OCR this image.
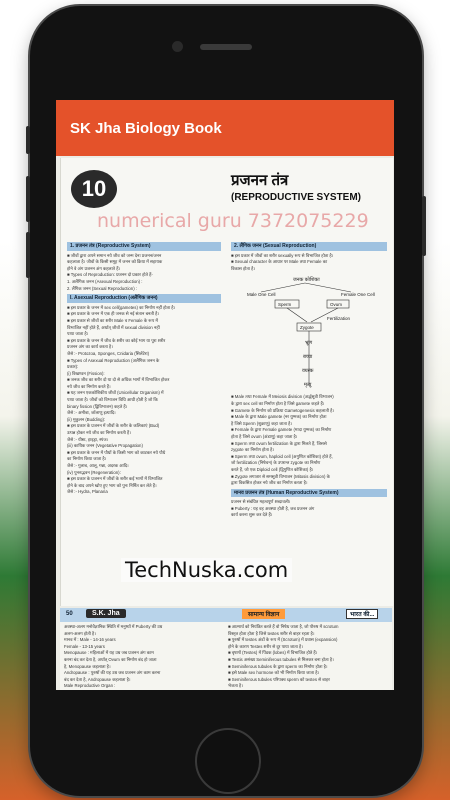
SK Jha Biology Book
10	प्रजनन तंत्र
(REPRODUCTIVE SYSTEM)
1. प्रजनन तंत्र (Reproductive System)
■ जीवों द्वारा अपने समान नये जीव को जन्म देना प्रजनन/जनन
कहलाता है। जीवों के किसी समूह में जनन को क्रिया में सहायक
होने वे अंग प्रजनन अंग कहलाते हैं।
■ Types of Reproduction: प्रजनन दो प्रकार होते हैं-
1. अलैंगिक जनन (Asexual Reproduction) :
2. लैंगिक जनन (Sexual Reproduction) :
I. Asexual Reproduction (अलैंगिक जनन)
■ इस प्रकार के जनन में sex cell(gametes) का निर्माण नहीं होता है।
■ इस प्रकार के जनन में एक ही जनक से नई संतान बनती है।
■ इस प्रकार से जीवों का शरीर Male व Female के रूप में
विभाजित नहीं होते हैं, अर्थात् जीवों में sexual division नहीं
पाया जाता है।
■ इस प्रकार के जनन में जीव के शरीर का कोई भाग या पूरा शरीर
प्रजनन अंग का कार्य करता है।
जैसे :- Protozoa, Sponges, Cnidaria (सिलेंटेरा)
■ Types of Asexual Reproduction (अलैंगिक जनन के
प्रकार):
(i) विखण्डन (Fission):
■ जनक जीव का शरीर दो या दो से अधिक भागों में विभाजित होकर
नये जीव का निर्माण करते हैं।
■ यह जनन एककोशिकीय जीवों (Unicellular Organism) में
पाया जाता है। जीवों को विभाजन विधि आधी होती है जो कि
binary fission (द्विविभाजन) कहते हैं।
जैसे :- अमीबा, जॉलाणु इत्यादि।
(ii) मुकुलन (Budding):
■ इस प्रकार के प्रजनन में जीवों के शरीर के कलिकाएं (Bud)
उत्पन्न होकर नये जीव का निर्माण करती हैं।
जैसे :- यीस्ट, हाइड्रा, स्पंज।
(iii) कायिक जनन (Vegetative Propagation)
■ इस प्रकार के जनन में पौधों के किसी भाग को काटकर नये पौधे
का निर्माण किया जाता है।
जैसे :- गुलाब, आलू, गन्ना, अदरक आदि।
(iv) पुनरुद्भवन (Regeneration):
■ इस प्रकार के प्रजनन में जीवों के शरीर कई भागों में विभाजित
होने के बाद अपने खोए हुए भाग को पुनः निर्मित कर लेते हैं।
जैसे :- Hydra, Planaria
2. लैंगिक जनन (Sexual Reproduction)
■ इस प्रकार में जीवों का शरीर sexually रूप से विभाजित होता है।
■ Sexual character के आधार पर Male तथा Female का
विकास होता है।
जनक कोशिका
Male One Cell	Female One Cell
Sperm	Ovum
Fertilization
Zygote
भ्रूण
बच्चा
वयस्क
मृत्यु
■ Male तथा Female में Meiosis division (अर्द्धसूत्री विभाजन)
के द्वारा sex cell का निर्माण होता है जिसे gamete कहते हैं।
■ Gamete के निर्माण को प्रक्रिया Gametogenesis कहलाती है।
■ Male के द्वारा Male gamete (नर युग्मक) का निर्माण होता
है जिसे Sperm (शुक्राणु) कहा जाता है।
■ Female के द्वारा Female gamete (मादा युग्मक) का निर्माण
होता है जिसे ovum (अंडाणु) कहा जाता है।
■ Sperm तथा ovum fertilization के द्वारा मिलते हैं, जिससे
zygote का निर्माण होता है।
■ Sperm तथा ovum, haploid cell (अगुणित कोशिका) होते हैं,
जो fertilization (निषेचन) के उपरान्त zygote का निर्माण
करते हैं, जो एक Diploid cell (द्विगुणित कोशिका) है।
■ Zygote लगातार से समसूत्री विभाजन (Mitosis division) के
द्वारा विकसित होकर नये जीव का निर्माण करता है।
मानव प्रजनन तंत्र (Human Reproductive System)
प्रजनन से संबंधित महत्वपूर्ण शब्दावली।
■ Puberty : यह वह अवस्था होती है, जब प्रजनन अंग
कार्य करना शुरू कर देते हैं।
numerical guru 7372075229
TechNuska.com
50	S.K. Jha	सामान्य विज्ञान	भारत की...
अवस्था-अलग मनोवैज्ञानिक स्थिति में मनुष्यों में Puberty की उम्र
अलग-अलग होती है।
मानव में : Male - 14-16 years
Female - 13-15 years
Menopause : महिलाओं में यह उम्र जब प्रजनन अंग काम
करना बंद कर देता है, अर्थात् Ovum का निर्माण बंद हो जाता
है, Menopause कहलाता है।
Andropause : पुरुषों की यह उम्र जब प्रजनन अंग काम करना
बंद कर देता है, Andropause कहलाता है।
Male Reproductive Organ :
■ आत्मार्थ को नियंत्रित करते हैं वो निषेध जाता है, जो पौरुष में scrotum
विस्तृत होता होता है जिसे testes शरीर से बाहर रहता है।
■ पुरुषों में testes अंडों के रूप में (Scrotum) में प्रवास (expansion)
होने के कारण Testes शरीर से दूर पाया जाता है।
■ वृषणों (Testes) में पिंडक (lobes) में विभाजित होते हैं।
■ Testis असंख्य Seminiferous tubules से मिलकर बना होता है।
■ Seminiferous tubules के द्वारा sperm का निर्माण होता है।
■ इसे Male sex hormone को भी निर्माण किया जाता है।
■ Seminiferous tubules परिपक्व sperm को testes से बाहर
भेजता है।
